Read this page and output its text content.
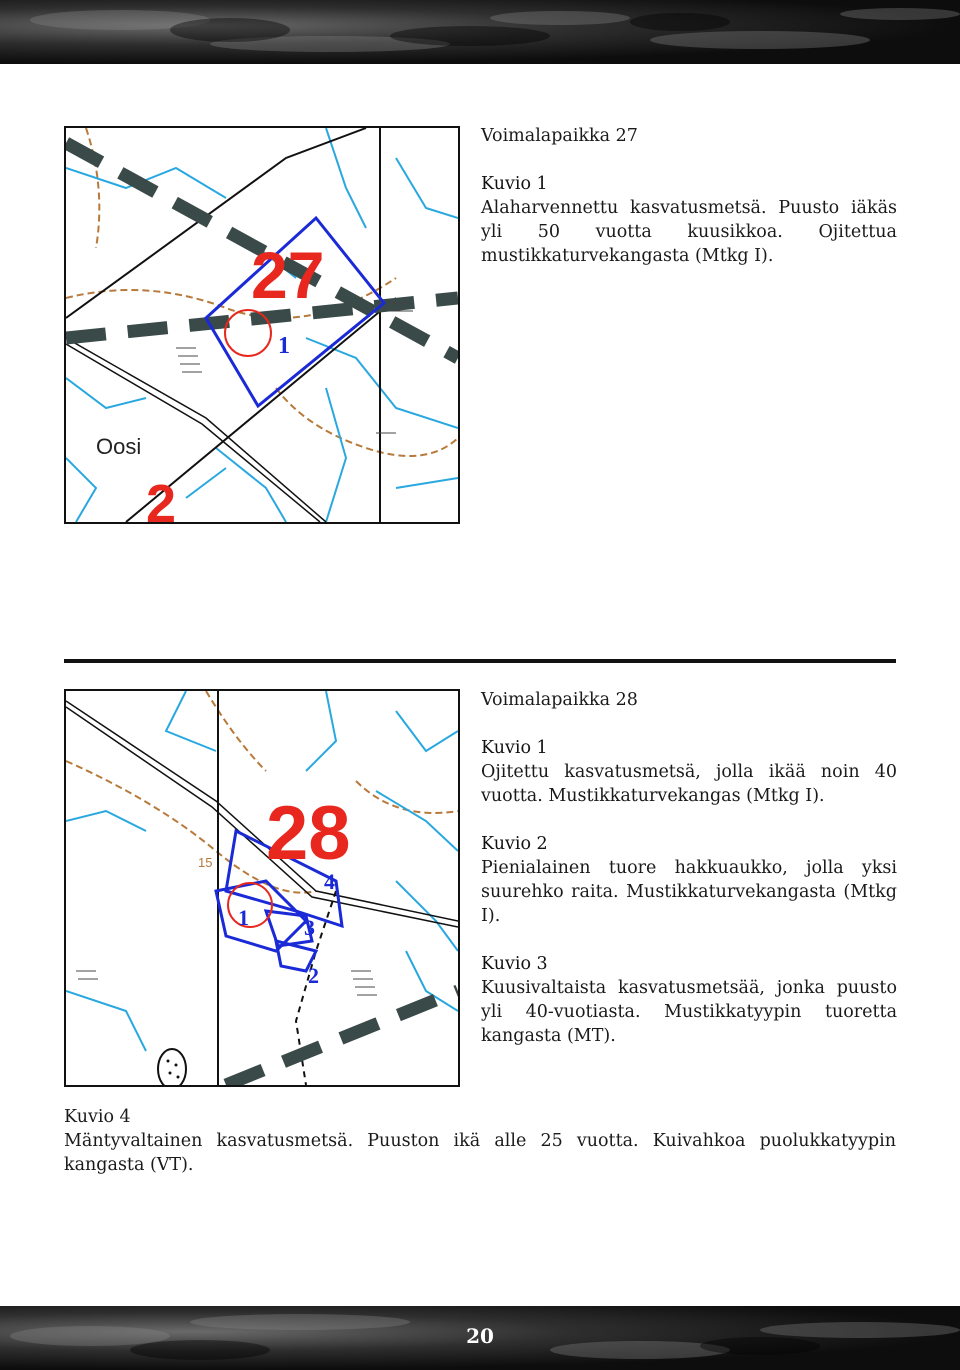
27
1
Oosi
2

Voimalapaikka 27

Kuvio 1

Alaharvennettu kasvatusmetsä. Puusto iäkäs yli 50 vuotta kuusikkoa. Ojitettua mustikkaturvekangasta (Mtkg I).

28
15
1
2
3
4

Voimalapaikka 28

Kuvio 1

Ojitettu kasvatusmetsä, jolla ikää noin 40 vuotta. Mustikkaturvekangas (Mtkg I).

Kuvio 2

Pienialainen tuore hakkuaukko, jolla yksi suurehko raita. Mustikkaturvekangasta (Mtkg I).

Kuvio 3

Kuusivaltaista kasvatusmetsää, jonka puusto yli 40-vuotiasta. Mustikkatyypin tuoretta kangasta (MT).

Kuvio 4

Mäntyvaltainen kasvatusmetsä. Puuston ikä alle 25 vuotta. Kuivahkoa puolukkatyypin kangasta (VT).

20
